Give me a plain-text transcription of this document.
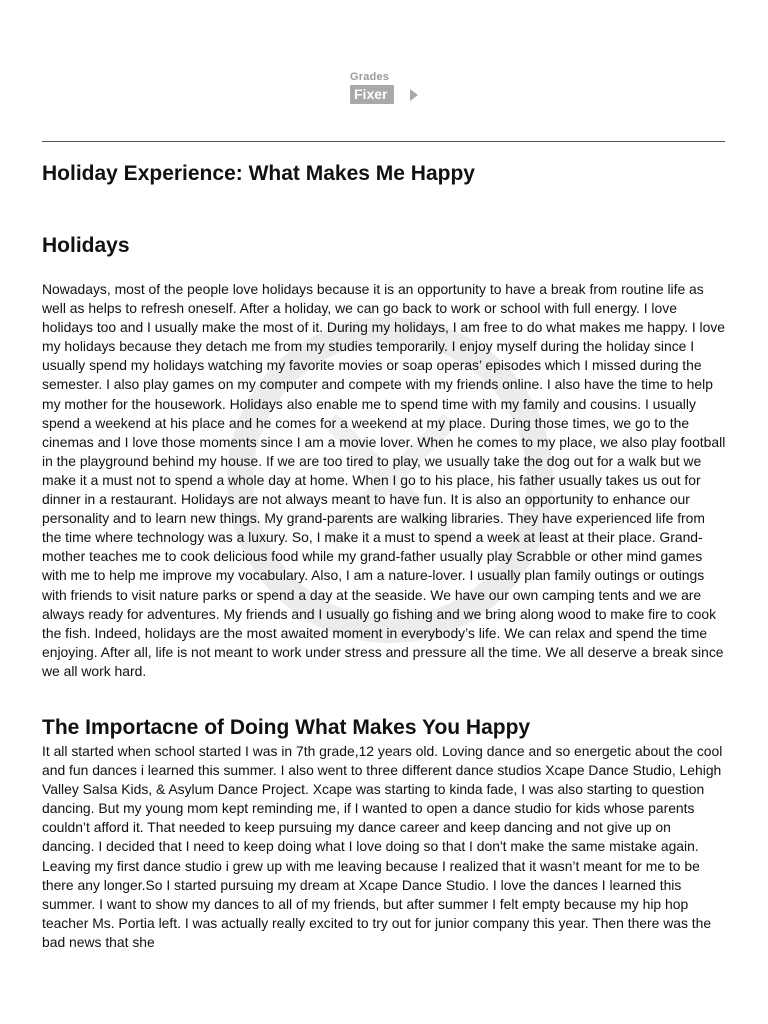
Grades
Fixer
Holiday Experience: What Makes Me Happy
Holidays

Nowadays, most of the people love holidays because it is an opportunity to have a break from routine life as well as helps to refresh oneself. After a holiday, we can go back to work or school with full energy. I love holidays too and I usually make the most of it. During my holidays, I am free to do what makes me happy. I love my holidays because they detach me from my studies temporarily. I enjoy myself during the holiday since I usually spend my holidays watching my favorite movies or soap operas’ episodes which I missed during the semester. I also play games on my computer and compete with my friends online. I also have the time to help my mother for the housework. Holidays also enable me to spend time with my family and cousins. I usually spend a weekend at his place and he comes for a weekend at my place. During those times, we go to the cinemas and I love those moments since I am a movie lover. When he comes to my place, we also play football in the playground behind my house. If we are too tired to play, we usually take the dog out for a walk but we make it a must not to spend a whole day at home. When I go to his place, his father usually takes us out for dinner in a restaurant. Holidays are not always meant to have fun. It is also an opportunity to enhance our personality and to learn new things. My grand-parents are walking libraries. They have experienced life from the time where technology was a luxury. So, I make it a must to spend a week at least at their place. Grand-mother teaches me to cook delicious food while my grand-father usually play Scrabble or other mind games with me to help me improve my vocabulary. Also, I am a nature-lover. I usually plan family outings or outings with friends to visit nature parks or spend a day at the seaside. We have our own camping tents and we are always ready for adventures. My friends and I usually go fishing and we bring along wood to make fire to cook the fish. Indeed, holidays are the most awaited moment in everybody’s life. We can relax and spend the time enjoying. After all, life is not meant to work under stress and pressure all the time. We all deserve a break since we all work hard.

The Importacne of Doing What Makes You Happy

It all started when school started I was in 7th grade,12 years old. Loving dance and so energetic about the cool and fun dances i learned this summer. I also went to three different dance studios Xcape Dance Studio, Lehigh Valley Salsa Kids, & Asylum Dance Project. Xcape was starting to kinda fade, I was also starting to question dancing. But my young mom kept reminding me, if I wanted to open a dance studio for kids whose parents couldn’t afford it. That needed to keep pursuing my dance career and keep dancing and not give up on dancing. I decided that I need to keep doing what I love doing so that I don't make the same mistake again. Leaving my first dance studio i grew up with me leaving because I realized that it wasn’t meant for me to be there any longer.So I started pursuing my dream at Xcape Dance Studio. I love the dances I learned this summer. I want to show my dances to all of my friends, but after summer I felt empty because my hip hop teacher Ms. Portia left. I was actually really excited to try out for junior company this year. Then there was the bad news that she
